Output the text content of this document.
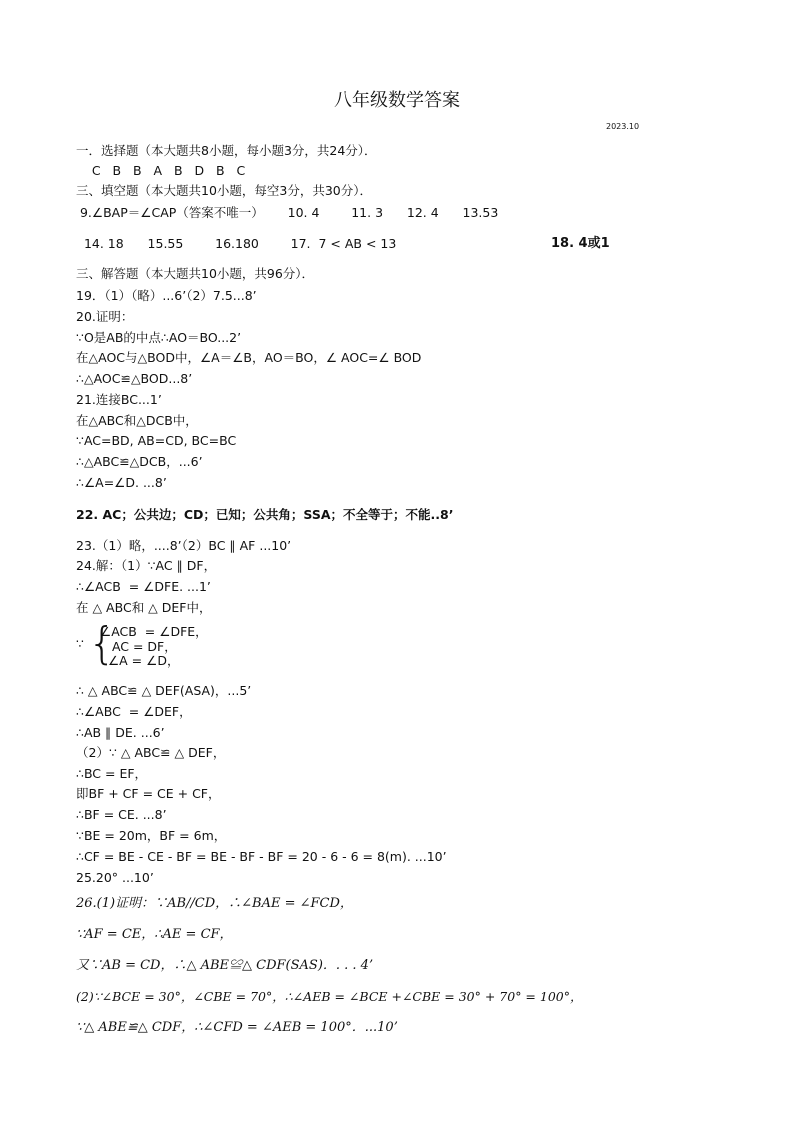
八年级数学答案
2023.10
一．选择题（本大题共8小题，每小题3分，共24分）．
C   B   B   A   B   D   B   C
三、填空题（本大题共10小题，每空3分，共30分）．
9.∠BAP＝∠CAP（答案不唯一）      10. 4        11. 3      12. 4      13.53
14. 18      15.55        16.180        17.  7 < AB < 13	18. 4或1
三、解答题（本大题共10小题，共96分）．
19．（1）（略）...6’（2）7.5...8’
20.证明：
∵O是AB的中点∴AO＝BO...2’
在△AOC与△BOD中，∠A＝∠B，AO＝BO，∠ AOC=∠ BOD
∴△AOC≌△BOD...8’
21.连接BC...1’
在△ABC和△DCB中，
∵AC=BD, AB=CD, BC=BC
∴△ABC≌△DCB，...6’
∴∠A=∠D. ...8’
22. AC；公共边；CD；已知；公共角；SSA；不全等于；不能..8’
23.（1）略，....8’（2）BC ∥ AF ...10’
24.解：（1）∵AC ∥ DF，
∴∠ACB  = ∠DFE. ...1’
在 △ ABC和 △ DEF中，
∵ {
∠ACB  = ∠DFE，
AC = DF，
∠A = ∠D，
∴ △ ABC≌ △ DEF(ASA)，...5’
∴∠ABC  = ∠DEF，
∴AB ∥ DE. ...6’
（2）∵ △ ABC≌ △ DEF，
∴BC = EF，
即BF + CF = CE + CF，
∴BF = CE. ...8’
∵BE = 20m，BF = 6m，
∴CF = BE - CE - BF = BE - BF - BF = 20 - 6 - 6 = 8(m). ...10’
25.20° ...10’
26.(1)证明：∵AB//CD，∴∠BAE = ∠FCD，
∵AF = CE，∴AE = CF，
又∵AB = CD，∴△ ABE≌△ CDF(SAS)．. . . 4’
(2)∵∠BCE = 30°，∠CBE = 70°，∴∠AEB = ∠BCE +∠CBE = 30° + 70° = 100°，
∵△ ABE≌△ CDF，∴∠CFD = ∠AEB = 100°．...10’
